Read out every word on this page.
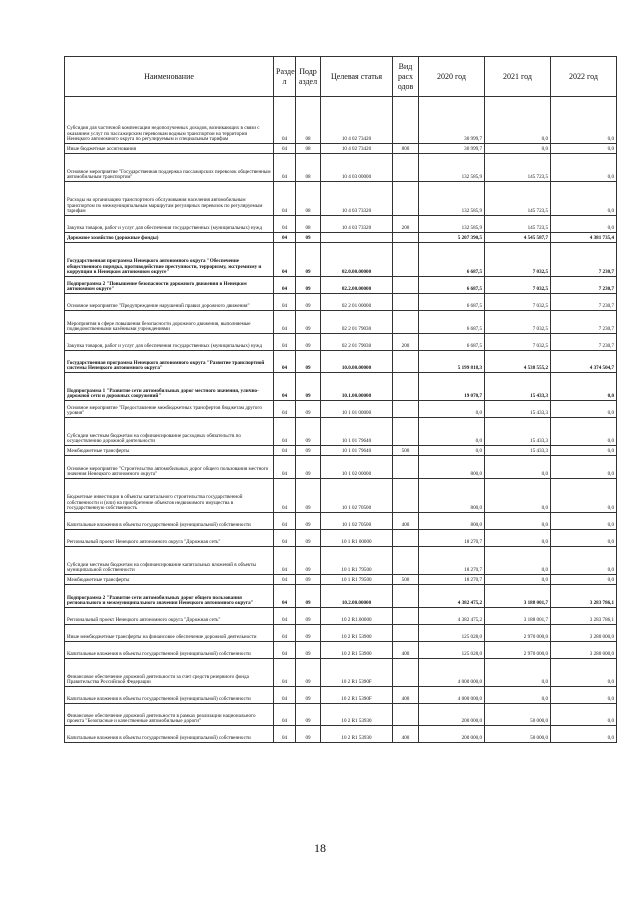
Наименование	Разде л	Подр аздел	Целевая статья	Вид расх одов	2020 год	2021 год	2022 год
Субсидия для частичной компенсации недополученных доходов, возникающих в связи с оказанием услуг по пассажирским перевозкам водным транспортом на территории Ненецкого автономного округа по регулируемым и специальным тарифам	04	08	10 4 02 73420		30 999,7	0,0	0,0
Иные бюджетные ассигнования	04	08	10 4 02 73420	800	30 999,7	0,0	0,0
Основное мероприятие "Государственная поддержка пассажирских перевозок общественным автомобильным транспортом"	04	08	10 4 03 00000		132 585,9	145 723,5	0,0
Расходы на организацию транспортного обслуживания населения автомобильным транспортом по межмуниципальным маршрутам регулярных перевозок по регулируемым тарифам	04	08	10 4 03 73320		132 585,9	145 723,5	0,0
Закупка товаров, работ и услуг для обеспечения государственных (муниципальных) нужд	04	08	10 4 03 73320	200	132 585,9	145 723,5	0,0
Дорожное хозяйство (дорожные фонды)	04	09			5 207 390,5	4 545 587,7	4 381 735,4
Государственная программа Ненецкого автономного округа "Обеспечение общественного порядка, противодействие преступности, терроризму, экстремизму и коррупции в Ненецком автономном округе"	04	09	02.0.00.00000		6 687,5	7 032,5	7 230,7
Подпрограмма 2 "Повышение безопасности дорожного движения в Ненецком автономном округе"	04	09	02.2.00.00000		6 687,5	7 032,5	7 230,7
Основное мероприятие "Предупреждение нарушений правил дорожного движения"	04	09	02 2 01 00000		6 687,5	7 032,5	7 230,7
Мероприятия в сфере повышения безопасности дорожного движения, выполняемые подведомственными казёнными учреждениями	04	09	02 2 01 79030		6 687,5	7 032,5	7 230,7
Закупка товаров, работ и услуг для обеспечения государственных (муниципальных) нужд	04	09	02 2 01 79030	200	6 687,5	7 032,5	7 230,7
Государственная программа Ненецкого автономного округа "Развитие транспортной системы Ненецкого автономного округа"	04	09	10.0.00.00000		5 199 818,3	4 538 555,2	4 374 504,7
Подпрограмма 1 "Развитие сети автомобильных дорог местного значения, улично-дорожной сети и дорожных сооружений"	04	09	10.1.00.00000		19 070,7	15 433,3	0,0
Основное мероприятие "Предоставление межбюджетных трансфертов бюджетам другого уровня"	04	09	10 1 01 00000		0,0	15 433,3	0,0
Субсидии местным бюджетам на софинансирование расходных обязательств по осуществлению дорожной деятельности	04	09	10 1 01 79640		0,0	15 433,3	0,0
Межбюджетные трансферты	04	09	10 1 01 79640	500	0,0	15 433,3	0,0
Основное мероприятие "Строительство автомобильных дорог общего пользования местного значения Ненецкого автономного округа"	04	09	10 1 02 00000		800,0	0,0	0,0
Бюджетные инвестиции в объекты капитального строительства государственной собственности и (или) на приобретение объектов недвижимого имущества в государственную собственность	04	09	10 1 02 70500		800,0	0,0	0,0
Капитальные вложения в объекты государственной (муниципальной) собственности	04	09	10 1 02 70500	400	800,0	0,0	0,0
Региональный проект Ненецкого автономного округа "Дорожная сеть"	04	09	10 1 R1 00000		18 270,7	0,0	0,0
Субсидии местным бюджетам на софинансирование капитальных вложений в объекты муниципальной собственности	04	09	10 1 R1 79500		18 270,7	0,0	0,0
Межбюджетные трансферты	04	09	10 1 R1 79500	500	18 270,7	0,0	0,0
Подпрограмма 2 "Развитие сети автомобильных дорог общего пользования регионального и межмуниципального значения Ненецкого автономного округа"	04	09	10.2.00.00000		4 382 475,2	3 188 001,7	3 283 786,1
Региональный проект Ненецкого автономного округа "Дорожная сеть"	04	09	10 2 R1.00000		4 382 475,2	3 188 001,7	3 283 786,1
Иные межбюджетные трансферты на финансовое обеспечение дорожной деятельности	04	09	10 2 R1 53900		125 028,0	2 970 000,0	3 280 000,0
Капитальные вложения в объекты государственной (муниципальной) собственности	04	09	10 2 R1 53900	400	125 028,0	2 970 000,0	3 280 000,0
Финансовое обеспечение дорожной деятельности за счет средств резервного фонда Правительства Российской Федерации	04	09	10 2 R1 5390F		4 000 000,0	0,0	0,0
Капитальные вложения в объекты государственной (муниципальной) собственности	04	09	10 2 R1 5390F	400	4 000 000,0	0,0	0,0
Финансовое обеспечение дорожной деятельности в рамках реализации национального проекта "Безопасные и качественные автомобильные дороги"	04	09	10 2 R1 53930		200 000,0	50 000,0	0,0
Капитальные вложения в объекты государственной (муниципальной) собственности	04	09	10 2 R1 53930	400	200 000,0	50 000,0	0,0
18
